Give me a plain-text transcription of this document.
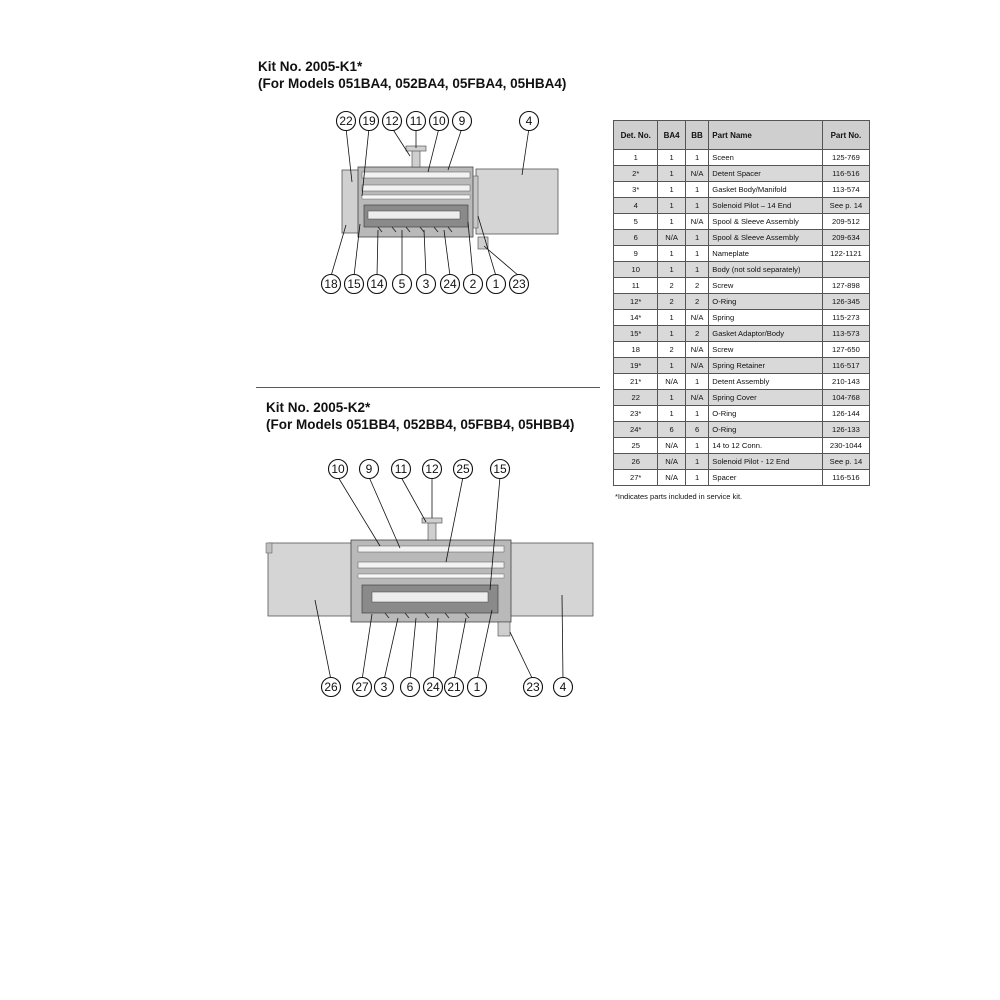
Kit No. 2005-K1*
(For Models 051BA4, 052BA4, 05FBA4, 05HBA4)
22 19 12 11 10 9	4
18 15 14 5 3 24 2 1 23
Kit No. 2005-K2*
(For Models 051BB4, 052BB4, 05FBB4, 05HBB4)
10 9 11 12 25 15
26 27 3 6 24 21 1	23 4
Det. No.	BA4	BB	Part Name	Part No.
1	1	1	Sceen	125-769
2*	1	N/A	Detent Spacer	116-516
3*	1	1	Gasket Body/Manifold	113-574
4	1	1	Solenoid Pilot – 14 End	See p. 14
5	1	N/A	Spool & Sleeve Assembly	209-512
6	N/A	1	Spool & Sleeve Assembly	209-634
9	1	1	Nameplate	122-1121
10	1	1	Body (not sold separately)	
11	2	2	Screw	127-898
12*	2	2	O-Ring	126-345
14*	1	N/A	Spring	115-273
15*	1	2	Gasket Adaptor/Body	113-573
18	2	N/A	Screw	127-650
19*	1	N/A	Spring Retainer	116-517
21*	N/A	1	Detent Assembly	210-143
22	1	N/A	Spring Cover	104-768
23*	1	1	O-Ring	126-144
24*	6	6	O-Ring	126-133
25	N/A	1	14 to 12 Conn.	230-1044
26	N/A	1	Solenoid Pilot - 12 End	See p. 14
27*	N/A	1	Spacer	116-516
*Indicates parts included in service kit.
